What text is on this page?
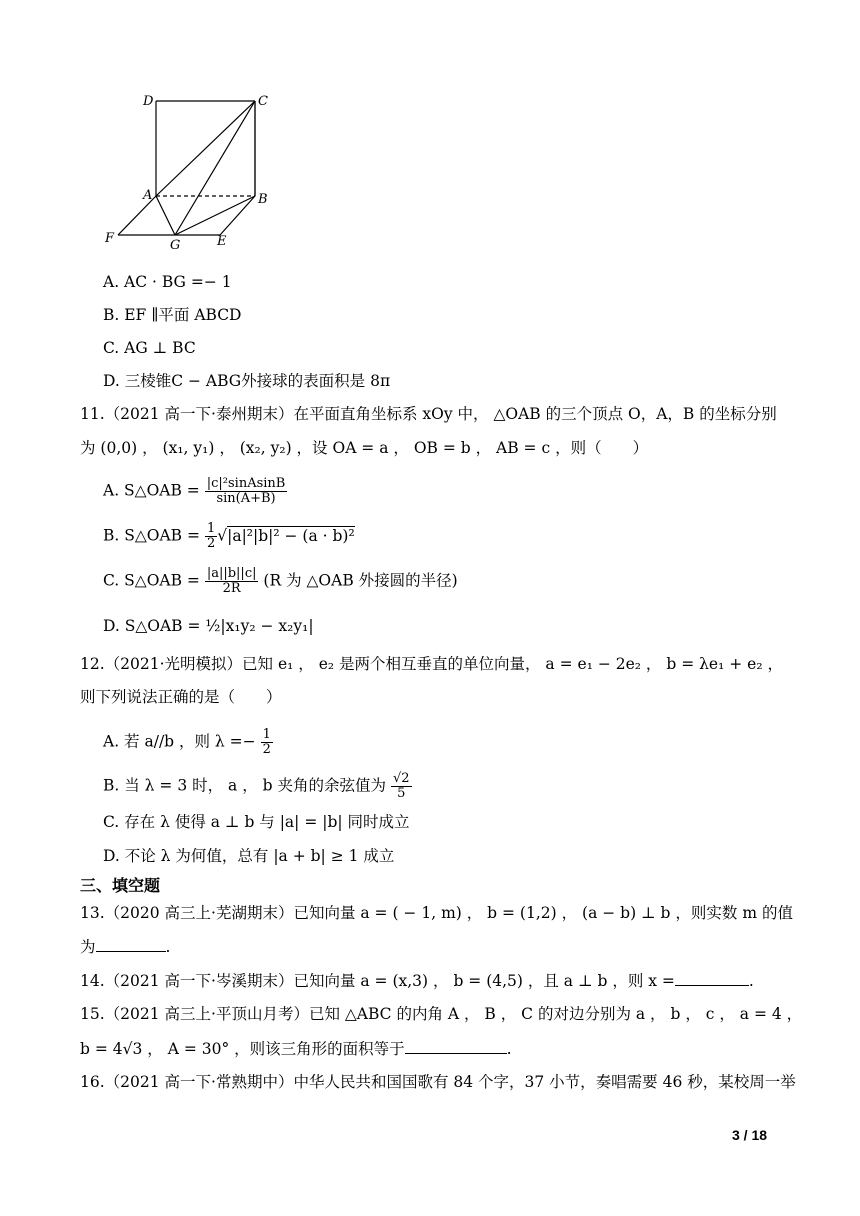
D	C
A	B
F	G	E
A. AC · BG =− 1
B. EF ∥平面 ABCD
C. AG ⊥ BC
D. 三棱锥C − ABG外接球的表面积是 8π
11.（2021 高一下·泰州期末）在平面直角坐标系 xOy 中， △OAB 的三个顶点 O，A，B 的坐标分别
为 (0,0) ， (x₁, y₁) ， (x₂, y₂) ，设 OA = a ， OB = b ， AB = c ，则（　　）
A. S△OAB = $\frac{\text{|c|²sinAsinB}}{\sin(A+B)}$
B. S△OAB = $\frac{1}{2} √|a|^2|b|^2 - (a \cdot b)^2$
C. S△OAB = $\frac{|a||b||c|}{2R} (R$ 为 △OAB 外接圆的半径)
D. S△OAB = ½|x₁y₂ − x₂y₁|
12.（2021·光明模拟）已知 e₁ ， e₂ 是两个相互垂直的单位向量， a = e₁ − 2e₂ ， b = λe₁ + e₂ ，
则下列说法正确的是（　　）
A. 若 a//b ，则 $\lambda =- \frac{1}{2}$
B. 当 λ = 3 时， a ， b 夹角的余弦值为 $\frac{√2}{5}$
C. 存在 λ 使得 a ⊥ b 与 |a| = |b| 同时成立
D. 不论 λ 为何值，总有 |a + b| ≥ 1 成立
三、填空题
13.（2020 高三上·芜湖期末）已知向量 a = ( − 1, m) ， b = (1,2) ， (a − b) ⊥ b ，则实数 m 的值
为	.
14.（2021 高一下·岑溪期末）已知向量 a = (x,3) ， b = (4,5) ，且 a ⊥ b ，则 x =	.
15.（2021 高三上·平顶山月考）已知 △ABC 的内角 A ， B ， C 的对边分别为 a ， b ， c ， a = 4 ，
b = 4√3 ， A = 30° ，则该三角形的面积等于	.
16.（2021 高一下·常熟期中）中华人民共和国国歌有 84 个字，37 小节，奏唱需要 46 秒，某校周一举
3 / 18
